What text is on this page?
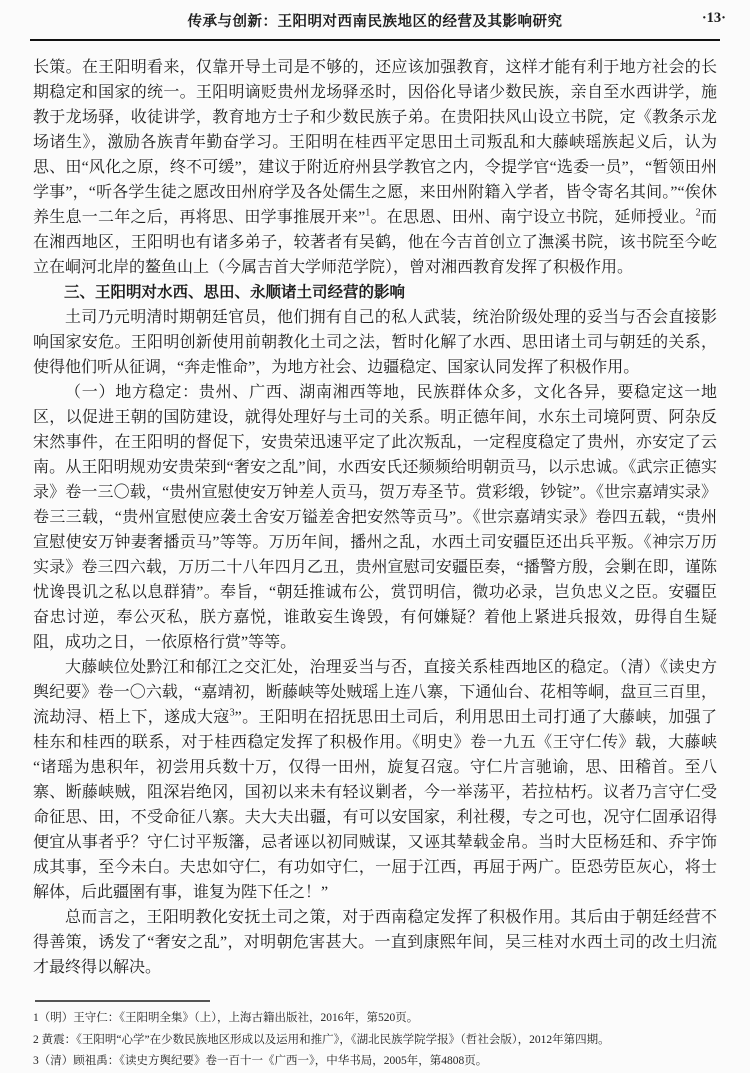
传承与创新：王阳明对西南民族地区的经营及其影响研究	·13·

长策。在王阳明看来，仅靠开导土司是不够的，还应该加强教育，这样才能有利于地方社会的长期稳定和国家的统一。王阳明谪贬贵州龙场驿丞时，因俗化导诸少数民族，亲自至水西讲学，施教于龙场驿，收徒讲学，教育地方士子和少数民族子弟。在贵阳扶风山设立书院，定《教条示龙场诸生》，激励各族青年勤奋学习。王阳明在桂西平定思田土司叛乱和大藤峡瑶族起义后，认为思、田“风化之原，终不可缓”，建议于附近府州县学教官之内，令提学官“选委一员”，“暂领田州学事”，“听各学生徒之愿改田州府学及各处儒生之愿，来田州附籍入学者，皆令寄名其间。”“俟休养生息一二年之后，再将思、田学事推展开来”$^1$。在思恩、田州、南宁设立书院，延师授业。$^2$而在湘西地区，王阳明也有诸多弟子，较著者有吴鹤，他在今吉首创立了潕溪书院，该书院至今屹立在峒河北岸的鳌鱼山上（今属吉首大学师范学院），曾对湘西教育发挥了积极作用。

三、王阳明对水西、思田、永顺诸土司经营的影响

土司乃元明清时期朝廷官员，他们拥有自己的私人武装，统治阶级处理的妥当与否会直接影响国家安危。王阳明创新使用前朝教化土司之法，暂时化解了水西、思田诸土司与朝廷的关系，使得他们听从征调，“奔走惟命”，为地方社会、边疆稳定、国家认同发挥了积极作用。

（一）地方稳定：贵州、广西、湖南湘西等地，民族群体众多，文化各异，要稳定这一地区，以促进王朝的国防建设，就得处理好与土司的关系。明正德年间，水东土司境阿贾、阿杂反宋然事件，在王阳明的督促下，安贵荣迅速平定了此次叛乱，一定程度稳定了贵州，亦安定了云南。从王阳明规劝安贵荣到“奢安之乱”间，水西安氏还频频给明朝贡马，以示忠诚。《武宗正德实录》卷一三〇载，“贵州宣慰使安万钟差人贡马，贺万寿圣节。赏彩缎，钞锭”。《世宗嘉靖实录》卷三三载，“贵州宣慰使应袭土舍安万镒差舍把安然等贡马”。《世宗嘉靖实录》卷四五载，“贵州宣慰使安万钟妻奢播贡马”等等。万历年间，播州之乱，水西土司安疆臣还出兵平叛。《神宗万历实录》卷三四六载，万历二十八年四月乙丑，贵州宣慰司安疆臣奏，“播警方殷，会剿在即，谨陈忧谗畏讥之私以息群猜”。奉旨，“朝廷推诚布公，赏罚明信，微功必录，岂负忠义之臣。安疆臣奋忠讨逆，奉公灭私，朕方嘉悦，谁敢妄生谗毁，有何嫌疑？着他上紧进兵报效，毋得自生疑阻，成功之日，一依原格行赏”等等。

大藤峡位处黔江和郁江之交汇处，治理妥当与否，直接关系桂西地区的稳定。（清）《读史方舆纪要》卷一〇六载，“嘉靖初，断藤峡等处贼瑶上连八寨，下通仙台、花相等峒，盘亘三百里，流劫浔、梧上下，遂成大寇$^3$”。王阳明在招抚思田土司后，利用思田土司打通了大藤峡，加强了桂东和桂西的联系，对于桂西稳定发挥了积极作用。《明史》卷一九五《王守仁传》载，大藤峡“诸瑶为患积年，初尝用兵数十万，仅得一田州，旋复召寇。守仁片言驰谕，思、田稽首。至八寨、断藤峡贼，阻深岩绝冈，国初以来未有轻议剿者，今一举荡平，若拉枯朽。议者乃言守仁受命征思、田，不受命征八寨。夫大夫出疆，有可以安国家，利社稷，专之可也，况守仁固承诏得便宜从事者乎？守仁讨平叛籓，忌者诬以初同贼谋，又诬其辇载金帛。当时大臣杨廷和、乔宇饰成其事，至今未白。夫忠如守仁，有功如守仁，一屈于江西，再屈于两广。臣恐劳臣灰心，将士解体，后此疆圉有事，谁复为陛下任之！”

总而言之，王阳明教化安抚土司之策，对于西南稳定发挥了积极作用。其后由于朝廷经营不得善策，诱发了“奢安之乱”，对明朝危害甚大。一直到康熙年间，吴三桂对水西土司的改土归流才最终得以解决。

1（明）王守仁：《王阳明全集》（上），上海古籍出版社，2016年，第520页。

2 黄震：《王阳明“心学”在少数民族地区形成以及运用和推广》，《湖北民族学院学报》（哲社会版），2012年第四期。

3（清）顾祖禹：《读史方舆纪要》卷一百十一《广西一》，中华书局，2005年，第4808页。
